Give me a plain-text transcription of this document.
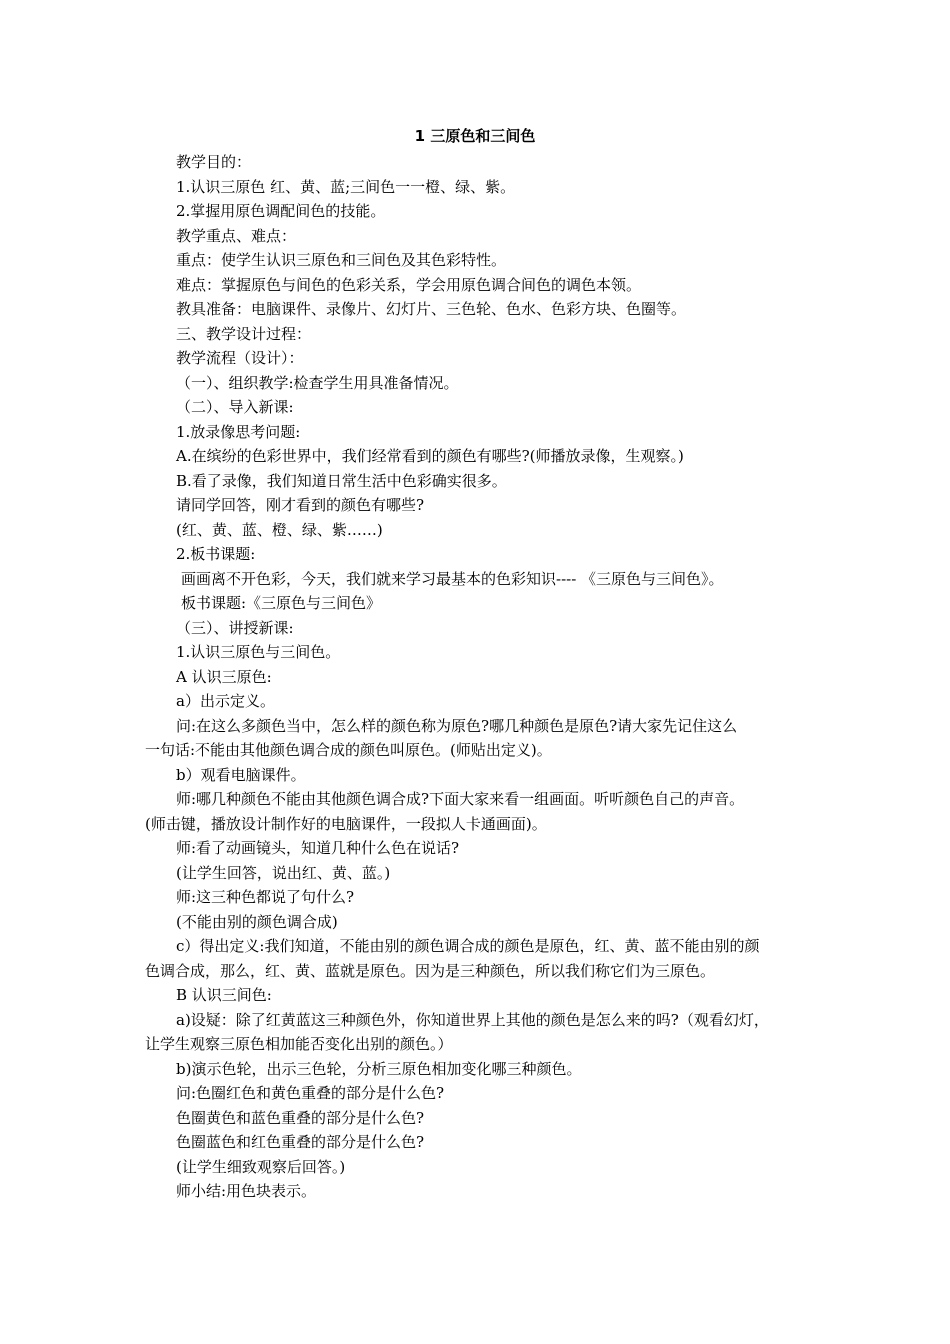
1 三原色和三间色
教学目的：
1.认识三原色 红、黄、蓝;三间色一一橙、绿、紫。
2.掌握用原色调配间色的技能。
教学重点、难点：
重点：使学生认识三原色和三间色及其色彩特性。
难点：掌握原色与间色的色彩关系，学会用原色调合间色的调色本领。
教具准备：电脑课件、录像片、幻灯片、三色轮、色水、色彩方块、色圈等。
三、教学设计过程：
教学流程（设计）：
（一）、组织教学:检查学生用具准备情况。
（二）、导入新课:
1.放录像思考问题:
A.在缤纷的色彩世界中，我们经常看到的颜色有哪些?(师播放录像，生观察。)
B.看了录像，我们知道日常生活中色彩确实很多。
请同学回答，刚才看到的颜色有哪些?
(红、黄、蓝、橙、绿、紫……)
2.板书课题:
画画离不开色彩，今天，我们就来学习最基本的色彩知识---- 《三原色与三间色》。
板书课题:《三原色与三间色》
（三）、讲授新课:
1.认识三原色与三间色。
A 认识三原色:
a）出示定义。
问:在这么多颜色当中，怎么样的颜色称为原色?哪几种颜色是原色?请大家先记住这么
一句话:不能由其他颜色调合成的颜色叫原色。(师贴出定义)。
b）观看电脑课件。
师:哪几种颜色不能由其他颜色调合成?下面大家来看一组画面。听听颜色自己的声音。
(师击键，播放设计制作好的电脑课件，一段拟人卡通画面)。
师:看了动画镜头，知道几种什么色在说话?
(让学生回答，说出红、黄、蓝。)
师:这三种色都说了句什么?
(不能由别的颜色调合成)
c）得出定义:我们知道，不能由别的颜色调合成的颜色是原色，红、黄、蓝不能由别的颜
色调合成，那么，红、黄、蓝就是原色。因为是三种颜色，所以我们称它们为三原色。
B 认识三间色:
a)设疑：除了红黄蓝这三种颜色外，你知道世界上其他的颜色是怎么来的吗?（观看幻灯，
让学生观察三原色相加能否变化出别的颜色。）
b)演示色轮，出示三色轮，分析三原色相加变化哪三种颜色。
问:色圈红色和黄色重叠的部分是什么色?
色圈黄色和蓝色重叠的部分是什么色?
色圈蓝色和红色重叠的部分是什么色?
(让学生细致观察后回答。)
师小结:用色块表示。
